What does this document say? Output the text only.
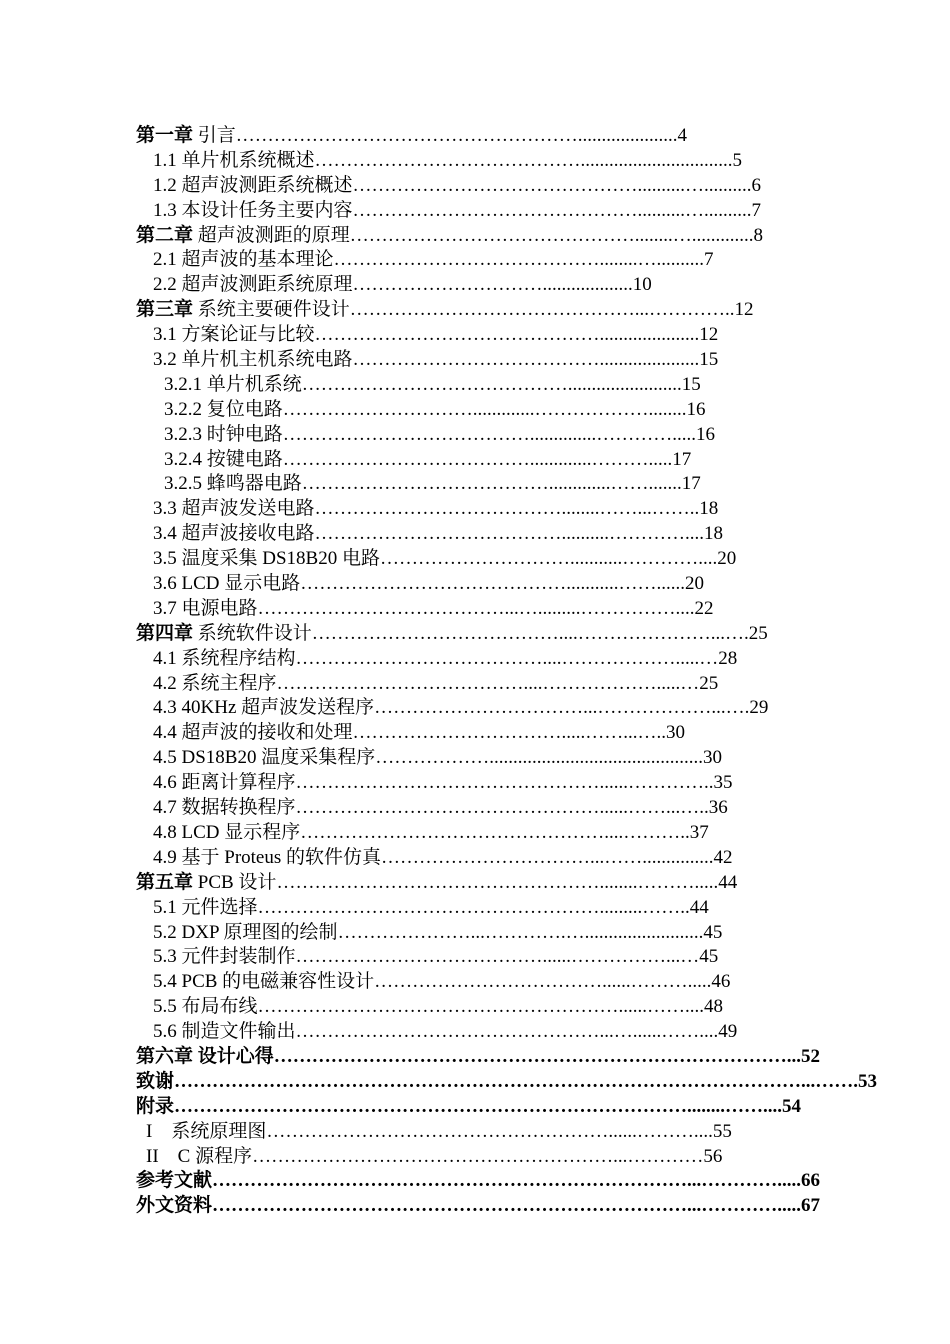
第一章 引言……………………………………………….....................4
1.1 单片机系统概述……………………………………................................5
1.2 超声波测距系统概述………………………………………..........…..........6
1.3 本设计任务主要内容………………………………………..........…..........7
第二章 超声波测距的原理………………………………………........….............8
2.1 超声波的基本理论……………………………………........…..........7
2.2 超声波测距系统原理…………………………...................10
第三章 系统主要硬件设计………………………………………...…………..12
3.1 方案论证与比较……………………………………….....................12
3.2 单片机主机系统电路………………………………….....................15
3.2.1 单片机系统……………………………………........................15
3.2.2 复位电路………………………….............………………........16
3.2.3 时钟电路…………………………………..............………….....16
3.2.4 按键电路………………………………….............……….....17
3.2.5 蜂鸣器电路………………………………….............…….......17
3.3 超声波发送电路…………………………………........……...……..18
3.4 超声波接收电路…………………………………..........…………....18
3.5 温度采集 DS18B20 电路…………………………...........…………....20
3.6 LCD 显示电路……………………………………...........……......20
3.7 电源电路…………………………………...….........……………....22
第四章 系统软件设计…………………………………....…………………...….25
4.1 系统程序结构…………………………………....……………….....…28
4.2 系统主程序…………………………………....……………….....…25
4.3 40KHz 超声波发送程序……………………………...………………...….29
4.4 超声波的接收和处理…………………………….....……...…..30
4.5 DS18B20 温度采集程序……………….............................................30
4.6 距离计算程序…………………………………………......…………..35
4.7 数据转换程序…………………………………………......……...…..36
4.8 LCD 显示程序…………………………………………....………..37
4.9 基于 Proteus 的软件仿真……………………………...……...............42
第五章 PCB 设计……………………………………………........……….....44
5.1 元件选择……………………………………………….........……..44
5.2 DXP 原理图的绘制…………………...………….….........................45
5.3 元件封装制作…………………………………......……………...…45
5.4 PCB 的电磁兼容性设计………………………………......……….....46
5.5 布局布线…………………………………………………......……....48
5.6 制造文件输出…………………………………………...…......……....49
第六章 设计心得………………………………………………………………………...52
致谢………………………………………………………………………………………...…….53
附录………………………………………………………………………........……....54
I 系统原理图………………………………………………......………....55
II C 源程序…………………………………………………...…………56
参考文献…………………………………………………………………...………….....66
外文资料…………………………………………………………………...………….....67
